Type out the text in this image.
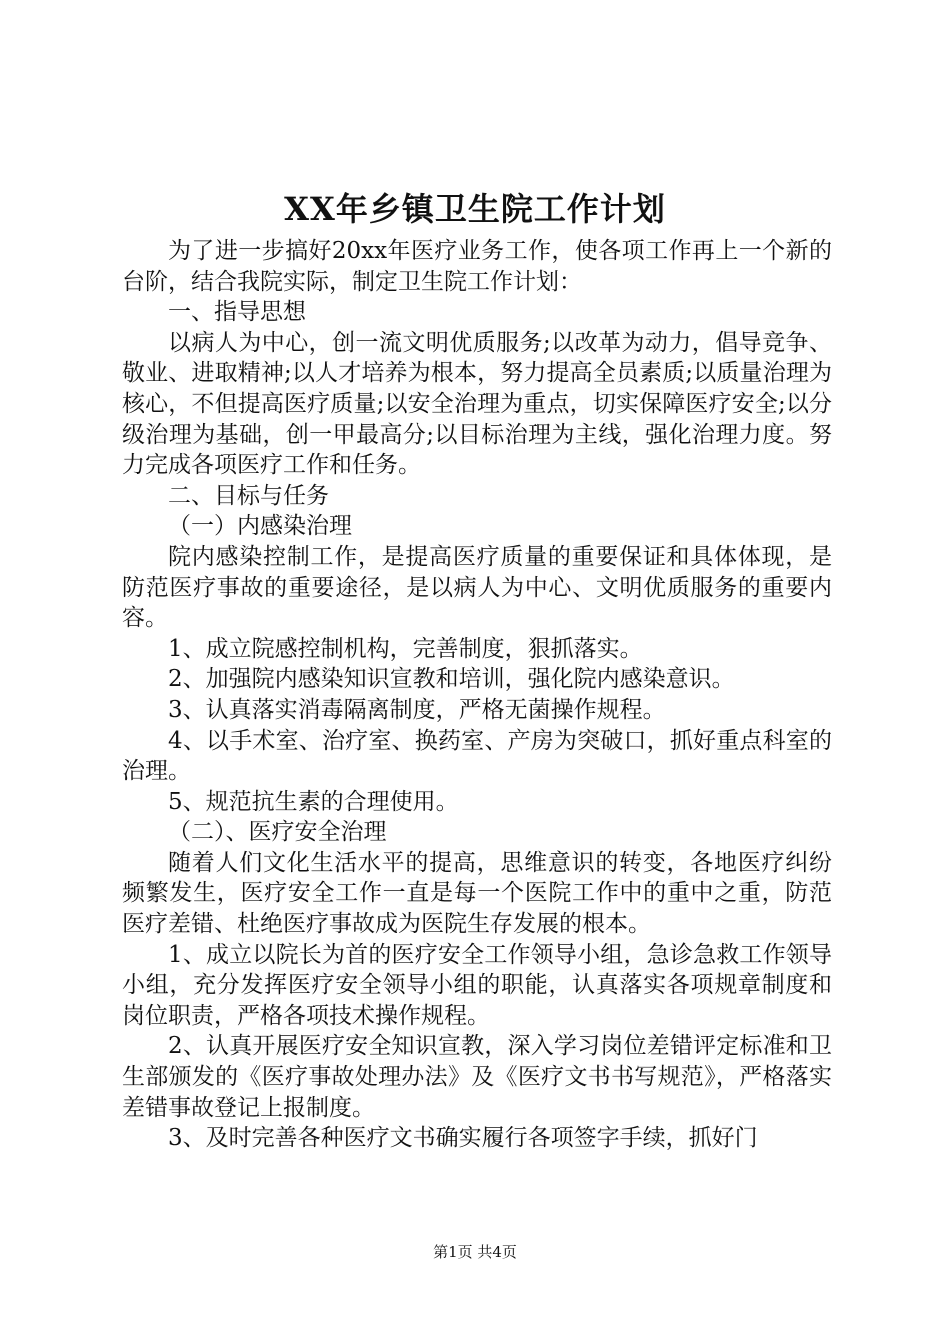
XX年乡镇卫生院工作计划

为了进一步搞好20xx年医疗业务工作，使各项工作再上一个新的台阶，结合我院实际，制定卫生院工作计划：

一、指导思想

以病人为中心，创一流文明优质服务;以改革为动力，倡导竞争、敬业、进取精神;以人才培养为根本，努力提高全员素质;以质量治理为核心，不但提高医疗质量;以安全治理为重点，切实保障医疗安全;以分级治理为基础，创一甲最高分;以目标治理为主线，强化治理力度。努力完成各项医疗工作和任务。

二、目标与任务

（一）内感染治理

院内感染控制工作，是提高医疗质量的重要保证和具体体现，是防范医疗事故的重要途径，是以病人为中心、文明优质服务的重要内容。

1、成立院感控制机构，完善制度，狠抓落实。

2、加强院内感染知识宣教和培训，强化院内感染意识。

3、认真落实消毒隔离制度，严格无菌操作规程。

4、以手术室、治疗室、换药室、产房为突破口，抓好重点科室的治理。

5、规范抗生素的合理使用。

（二）、医疗安全治理

随着人们文化生活水平的提高，思维意识的转变，各地医疗纠纷频繁发生，医疗安全工作一直是每一个医院工作中的重中之重，防范医疗差错、杜绝医疗事故成为医院生存发展的根本。

1、成立以院长为首的医疗安全工作领导小组，急诊急救工作领导小组，充分发挥医疗安全领导小组的职能，认真落实各项规章制度和岗位职责，严格各项技术操作规程。

2、认真开展医疗安全知识宣教，深入学习岗位差错评定标准和卫生部颁发的《医疗事故处理办法》及《医疗文书书写规范》，严格落实差错事故登记上报制度。

3、及时完善各种医疗文书确实履行各项签字手续，抓好门

第1页 共4页
